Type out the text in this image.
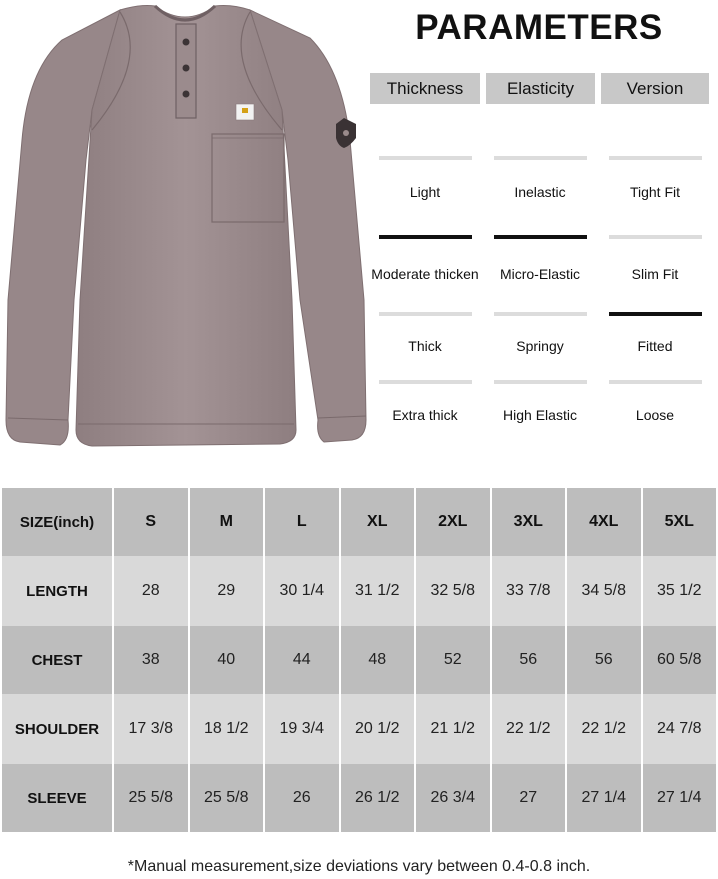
PARAMETERS
Thickness
Light
Moderate thicken
Thick
Extra thick
Elasticity
Inelastic
Micro-Elastic
Springy
High Elastic
Version
Tight Fit
Slim Fit
Fitted
Loose
SIZE(inch)	S	M	L	XL	2XL	3XL	4XL	5XL
LENGTH	28	29	30 1/4	31 1/2	32 5/8	33 7/8	34 5/8	35 1/2
CHEST	38	40	44	48	52	56	56	60 5/8
SHOULDER	17 3/8	18 1/2	19 3/4	20 1/2	21 1/2	22 1/2	22 1/2	24 7/8
SLEEVE	25 5/8	25 5/8	26	26 1/2	26 3/4	27	27 1/4	27 1/4
*Manual measurement,size deviations vary between 0.4-0.8 inch.
